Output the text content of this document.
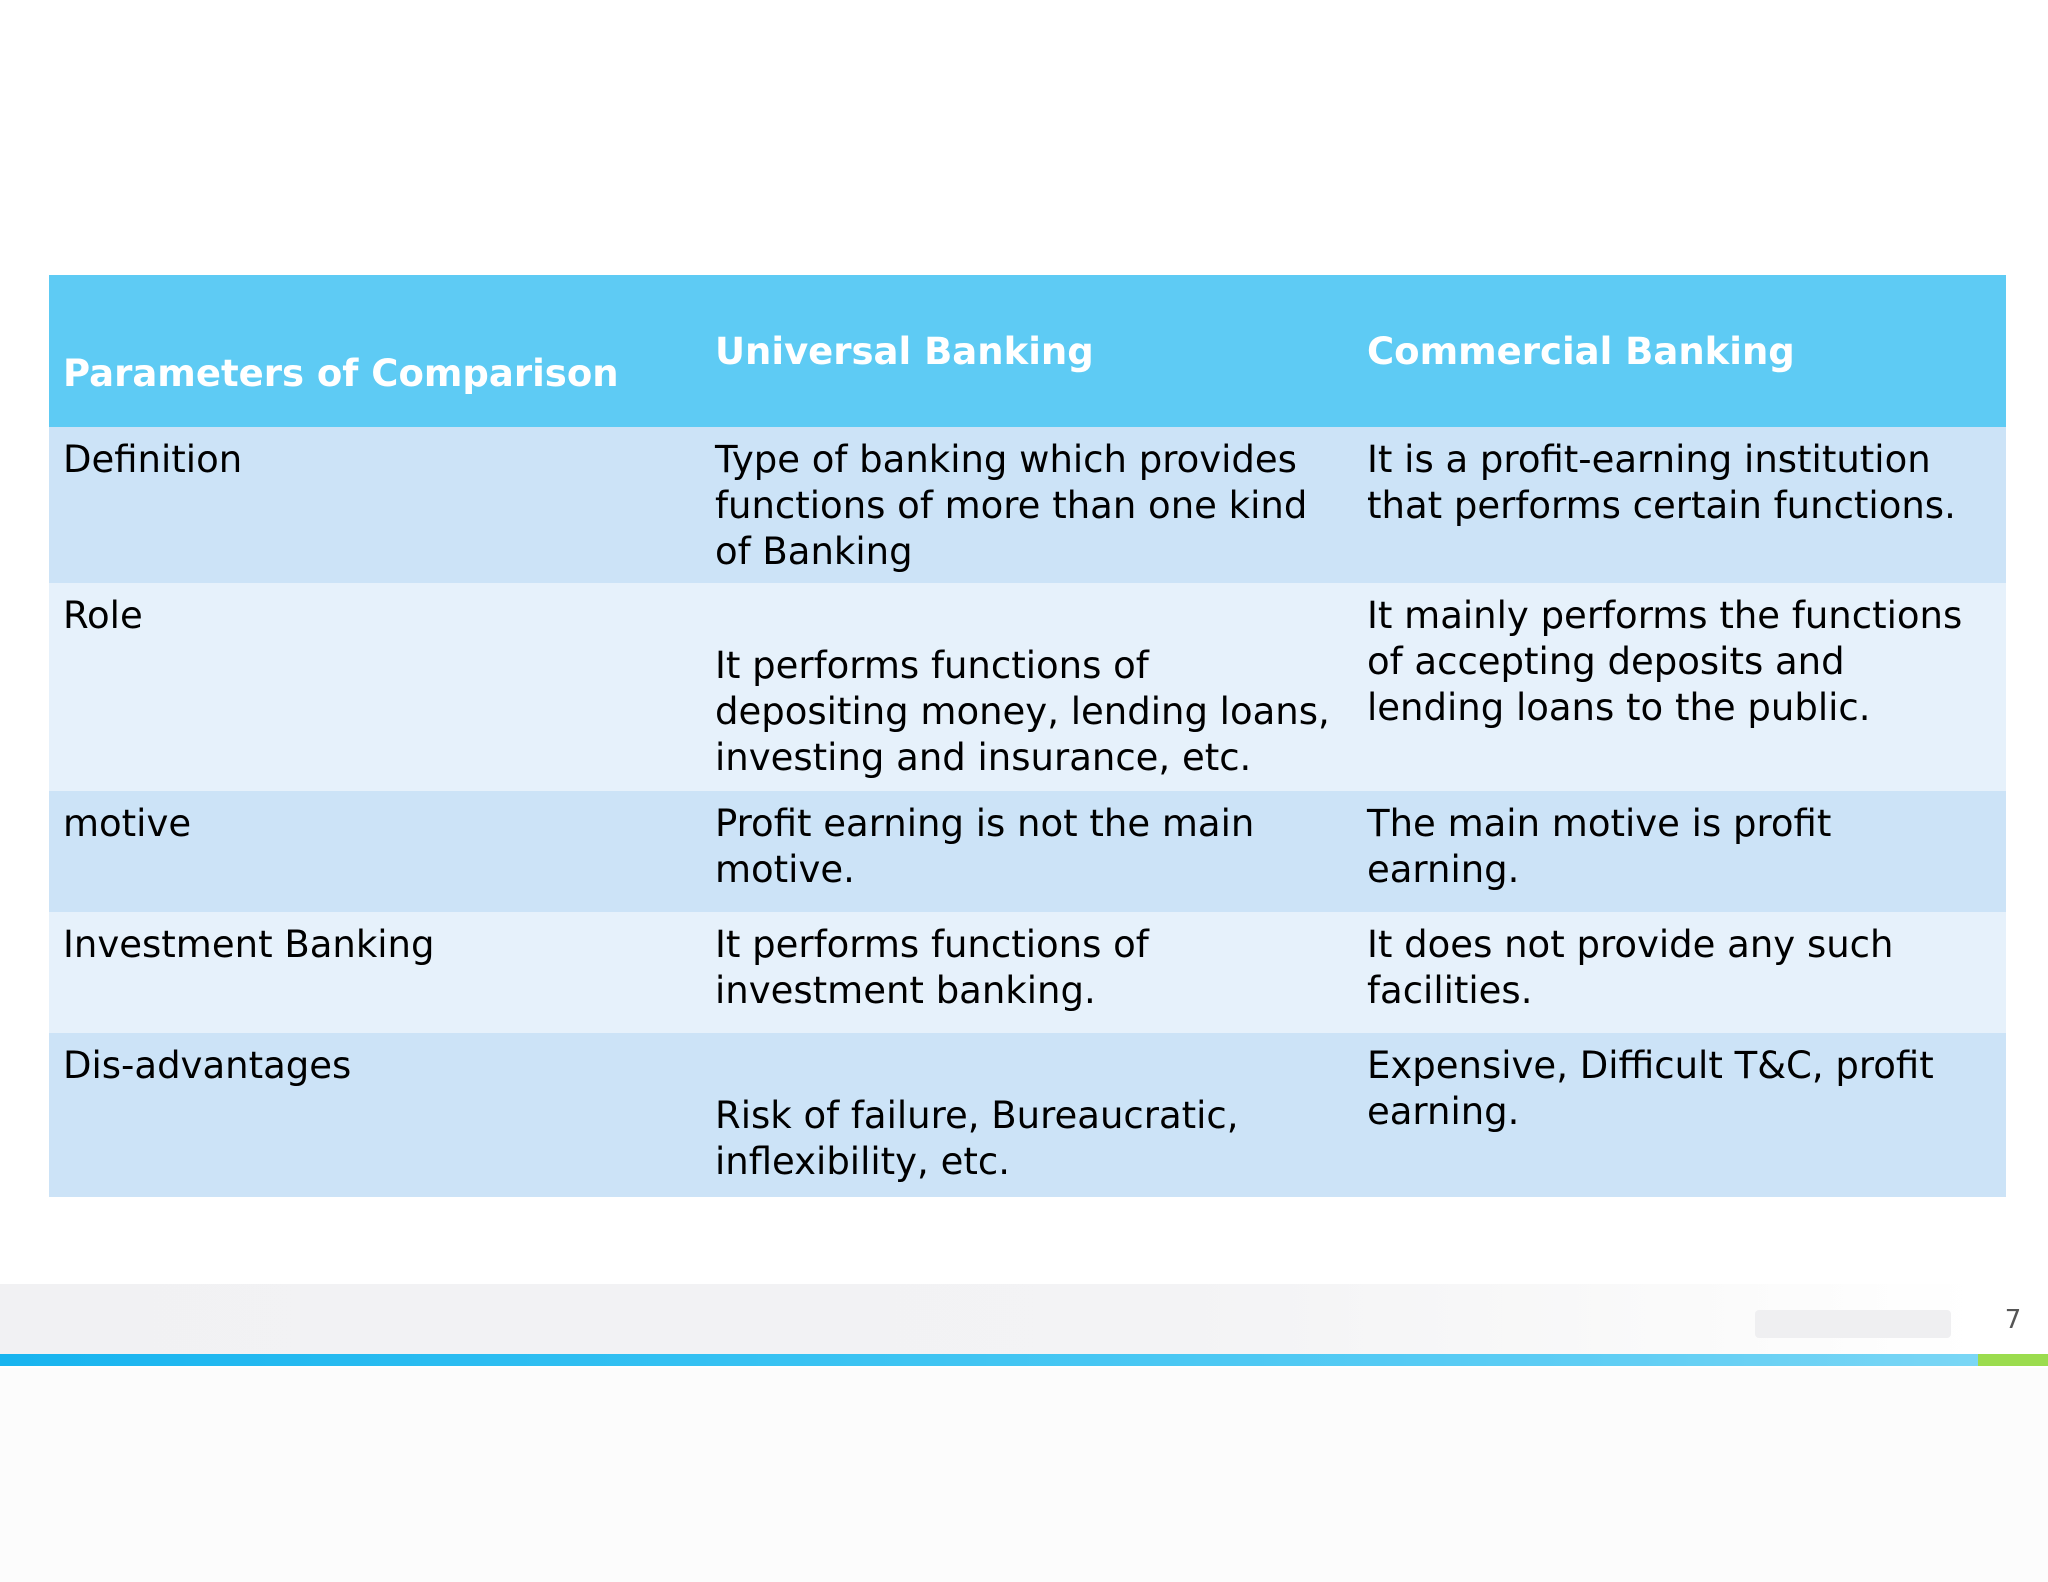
Parameters of Comparison	Universal Banking	Commercial Banking

Definition	Type of banking which provides functions of more than one kind of Banking	It is a profit-earning institution that performs certain functions.
Role	It performs functions of depositing money, lending loans, investing and insurance, etc.	It mainly performs the functions of accepting deposits and lending loans to the public.
motive	Profit earning is not the main motive.	The main motive is profit earning.
Investment Banking	It performs functions of investment banking.	It does not provide any such facilities.
Dis-advantages	Risk of failure, Bureaucratic, inflexibility, etc.	Expensive, Difficult T&C, profit earning.
7
